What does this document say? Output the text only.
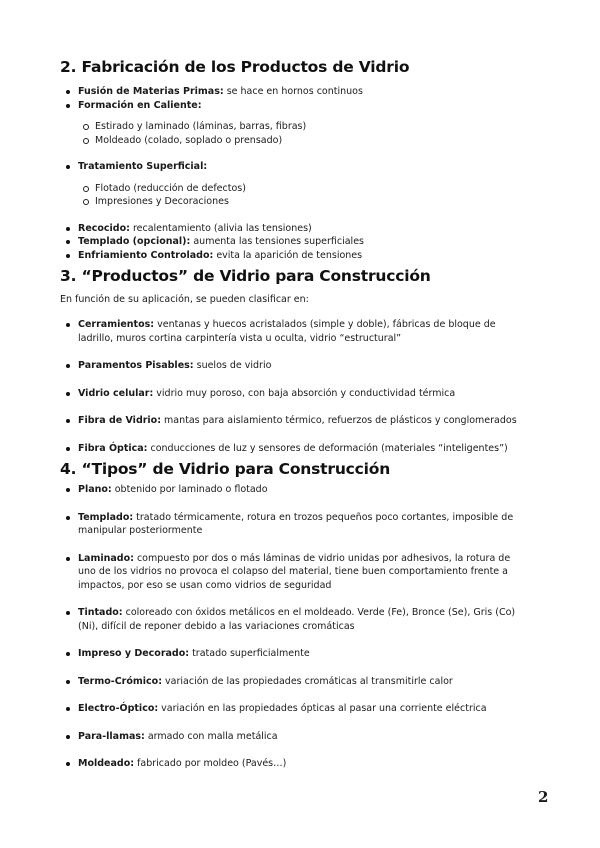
2. Fabricación de los Productos de Vidrio
Fusión de Materias Primas: se hace en hornos continuos
Formación en Caliente:
Estirado y laminado (láminas, barras, fibras)
Moldeado (colado, soplado o prensado)
Tratamiento Superficial:
Flotado (reducción de defectos)
Impresiones y Decoraciones
Recocido: recalentamiento (alivia las tensiones)
Templado (opcional): aumenta las tensiones superficiales
Enfriamiento Controlado: evita la aparición de tensiones
3. “Productos” de Vidrio para Construcción

En función de su aplicación, se pueden clasificar en:

Cerramientos: ventanas y huecos acristalados (simple y doble), fábricas de bloque de ladrillo, muros cortina carpintería vista u oculta, vidrio “estructural”
Paramentos Pisables: suelos de vidrio
Vidrio celular: vidrio muy poroso, con baja absorción y conductividad térmica
Fibra de Vidrio: mantas para aislamiento térmico, refuerzos de plásticos y conglomerados
Fibra Óptica: conducciones de luz y sensores de deformación (materiales “inteligentes”)
4. “Tipos” de Vidrio para Construcción
Plano: obtenido por laminado o flotado
Templado: tratado térmicamente, rotura en trozos pequeños poco cortantes, imposible de manipular posteriormente
Laminado: compuesto por dos o más láminas de vidrio unidas por adhesivos, la rotura de uno de los vidrios no provoca el colapso del material, tiene buen comportamiento frente a impactos, por eso se usan como vidrios de seguridad
Tintado: coloreado con óxidos metálicos en el moldeado. Verde (Fe), Bronce (Se), Gris (Co) (Ni), difícil de reponer debido a las variaciones cromáticas
Impreso y Decorado: tratado superficialmente
Termo-Crómico: variación de las propiedades cromáticas al transmitirle calor
Electro-Óptico: variación en las propiedades ópticas al pasar una corriente eléctrica
Para-llamas: armado con malla metálica
Moldeado: fabricado por moldeo (Pavés…)
2
